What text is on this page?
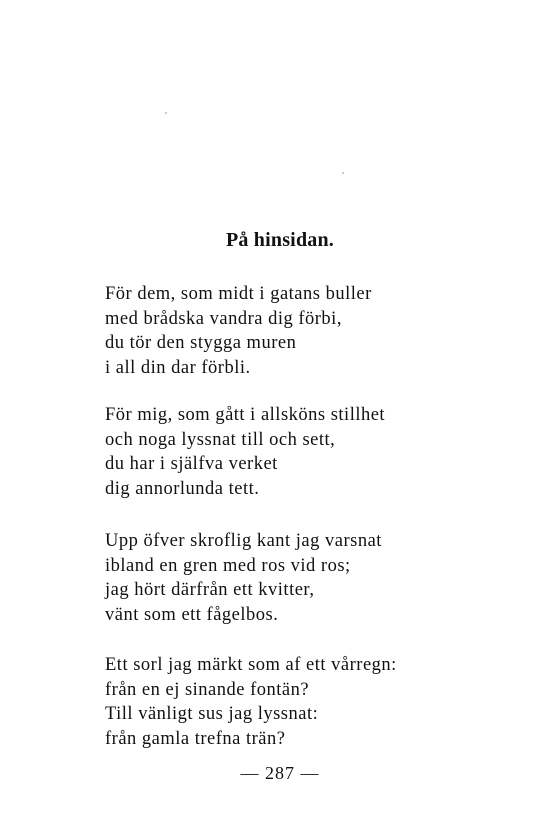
På hinsidan.
För dem, som midt i gatans buller
med brådska vandra dig förbi,
du tör den stygga muren
i all din dar förbli.
För mig, som gått i allsköns stillhet
och noga lyssnat till och sett,
du har i själfva verket
dig annorlunda tett.
Upp öfver skroflig kant jag varsnat
ibland en gren med ros vid ros;
jag hört därfrån ett kvitter,
vänt som ett fågelbos.
Ett sorl jag märkt som af ett vårregn:
från en ej sinande fontän?
Till vänligt sus jag lyssnat:
från gamla trefna trän?
— 287 —
